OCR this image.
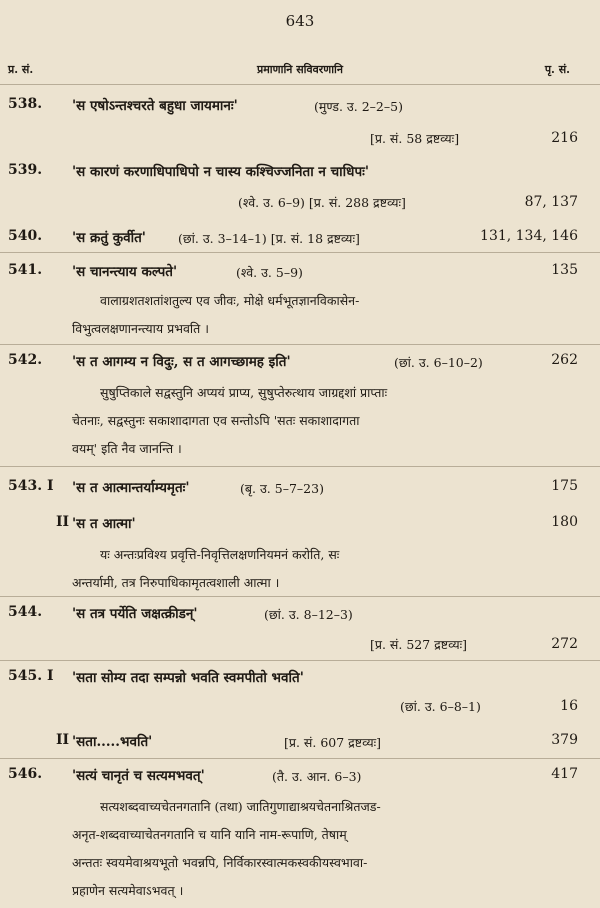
643
प्र. सं.	प्रमाणानि सविवरणानि	पृ. सं.
538. 'स एषोऽन्तश्चरते बहुधा जायमानः'	(मुण्ड. उ. 2–2–5)
[प्र. सं. 58 द्रष्टव्यः]	216
539. 'स कारणं करणाधिपाधिपो न चास्य कश्चिज्जनिता न चाधिपः'
(श्वे. उ. 6–9) [प्र. सं. 288 द्रष्टव्यः]	87, 137
540. 'स क्रतुं कुर्वीत'	(छां. उ. 3–14–1) [प्र. सं. 18 द्रष्टव्यः]	131, 134, 146
541. 'स चानन्त्याय कल्पते'	(श्वे. उ. 5–9)	135
वालाग्रशतशतांशतुल्य एव जीवः, मोक्षे धर्मभूतज्ञानविकासेन-
विभुत्वलक्षणानन्त्याय प्रभवति ।
542. 'स त आगम्य न विदुः, स त आगच्छामह इति'	(छां. उ. 6–10–2)	262
सुषुप्तिकाले सद्वस्तुनि अप्ययं प्राप्य, सुषुप्तेरुत्थाय जाग्रद्दशां प्राप्ताः
चेतनाः, सद्वस्तुनः सकाशादागता एव सन्तोऽपि 'सतः सकाशादागता
वयम्' इति नैव जानन्ति ।
543. I 'स त आत्मान्तर्याम्यमृतः'	(बृ. उ. 5–7–23)	175
II 'स त आत्मा'	180
यः अन्तःप्रविश्य प्रवृत्ति-निवृत्तिलक्षणनियमनं करोति, सः
अन्तर्यामी, तत्र निरुपाधिकामृतत्वशाली आत्मा ।
544. 'स तत्र पर्येति जक्षत्क्रीडन्'	(छां. उ. 8–12–3)
[प्र. सं. 527 द्रष्टव्यः]	272
545. I 'सता सोम्य तदा सम्पन्नो भवति स्वमपीतो भवति'
(छां. उ. 6–8–1)	16
II 'सता.....भवति'	[प्र. सं. 607 द्रष्टव्यः]	379
546. 'सत्यं चानृतं च सत्यमभवत्'	(तै. उ. आन. 6–3)	417
सत्यशब्दवाच्यचेतनगतानि (तथा) जातिगुणाद्याश्रयचेतनाश्रितजड-
अनृत-शब्दवाच्याचेतनगतानि च यानि यानि नाम-रूपाणि, तेषाम्
अन्ततः स्वयमेवाश्रयभूतो भवन्नपि, निर्विकारस्वात्मकस्वकीयस्वभावा-
प्रहाणेन सत्यमेवाऽभवत् ।
